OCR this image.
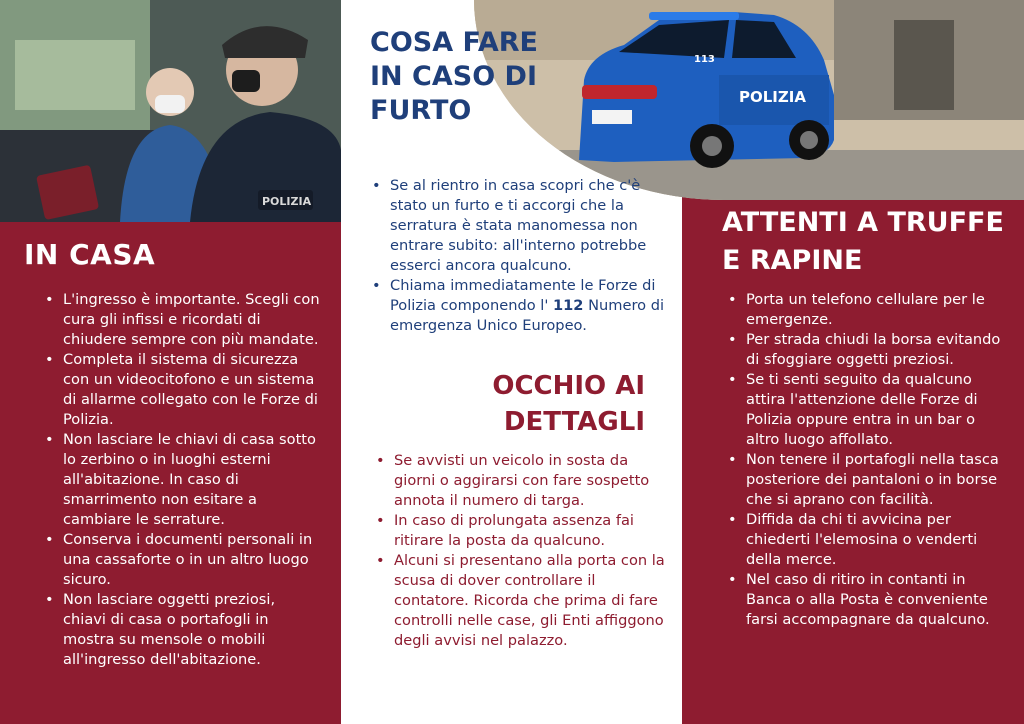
POLIZIA
POLIZIA
113
IN CASA
• L'ingresso è importante. Scegli con cura gli infissi e ricordati di chiudere sempre con più mandate.
• Completa il sistema di sicurezza con un videocitofono e un sistema di allarme collegato con le Forze di Polizia.
• Non lasciare le chiavi di casa sotto lo zerbino o in luoghi esterni all'abitazione. In caso di smarrimento non esitare a cambiare le serrature.
• Conserva i documenti personali in una cassaforte o in un altro luogo sicuro.
• Non lasciare oggetti preziosi, chiavi di casa o portafogli in mostra su mensole o mobili all'ingresso dell'abitazione.
COSA FARE IN CASO DI FURTO
• Se al rientro in casa scopri che c'è stato un furto e ti accorgi che la serratura è stata manomessa non entrare subito: all'interno potrebbe esserci ancora qualcuno.
• Chiama immediatamente le Forze di Polizia componendo l' 112 Numero di emergenza Unico Europeo.
OCCHIO AI DETTAGLI
• Se avvisti un veicolo in sosta da giorni o aggirarsi con fare sospetto annota il numero di targa.
• In caso di prolungata assenza fai ritirare la posta da qualcuno.
• Alcuni si presentano alla porta con la scusa di dover controllare il contatore. Ricorda che prima di fare controlli nelle case, gli Enti affiggono degli avvisi nel palazzo.
ATTENTI A TRUFFE E RAPINE
• Porta un telefono cellulare per le emergenze.
• Per strada chiudi la borsa evitando di sfoggiare oggetti preziosi.
• Se ti senti seguito da qualcuno attira l'attenzione delle Forze di Polizia oppure entra in un bar o altro luogo affollato.
• Non tenere il portafogli nella tasca posteriore dei pantaloni o in borse che si aprano con facilità.
• Diffida da chi ti avvicina per chiederti l'elemosina o venderti della merce.
• Nel caso di ritiro in contanti in Banca o alla Posta è conveniente farsi accompagnare da qualcuno.
